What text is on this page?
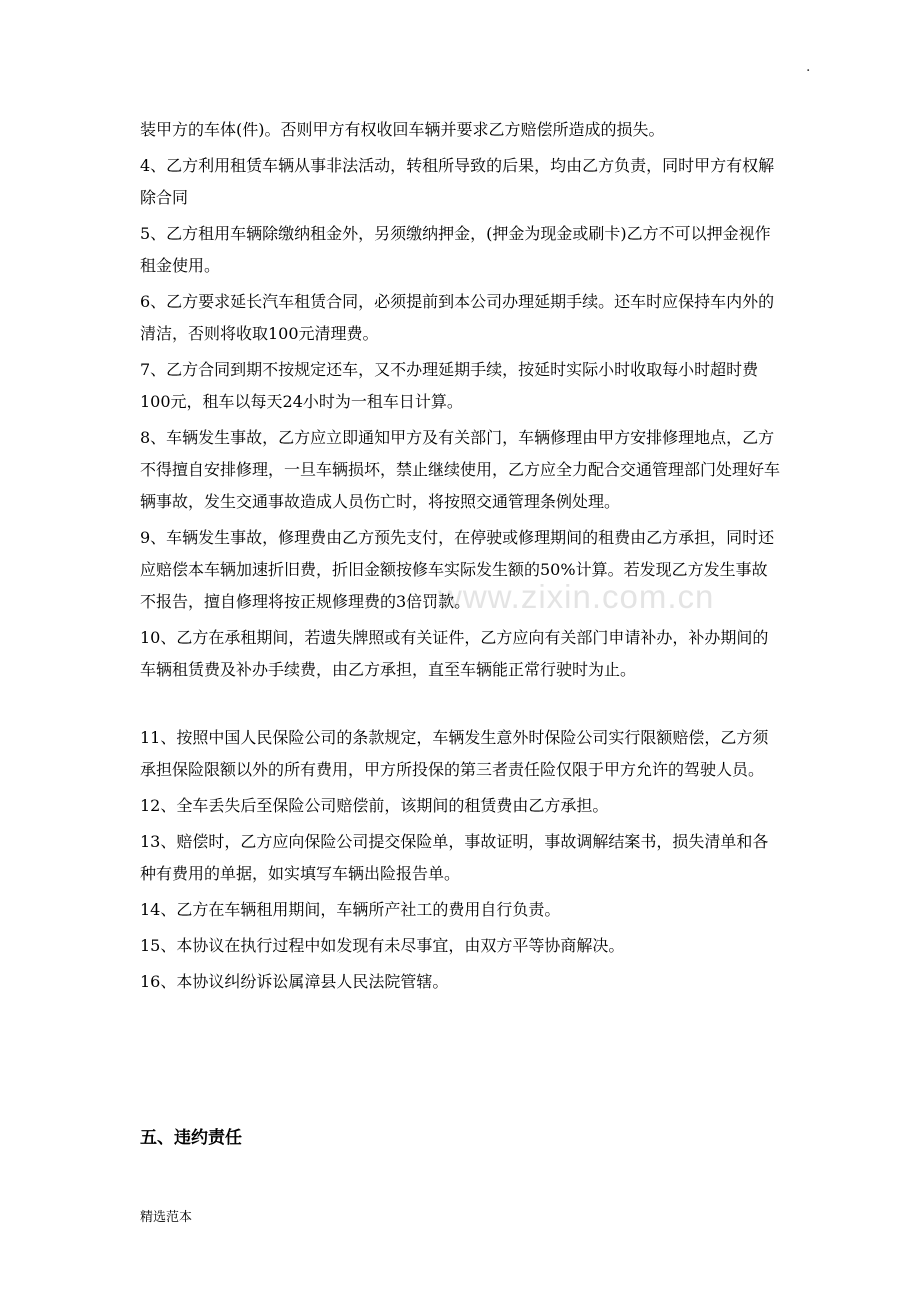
·
www.zixin.com.cn

装甲方的车体(件)。否则甲方有权收回车辆并要求乙方赔偿所造成的损失。

4、乙方利用租赁车辆从事非法活动，转租所导致的后果，均由乙方负责，同时甲方有权解除合同

5、乙方租用车辆除缴纳租金外，另须缴纳押金，(押金为现金或刷卡)乙方不可以押金视作租金使用。

6、乙方要求延长汽车租赁合同，必须提前到本公司办理延期手续。还车时应保持车内外的清洁，否则将收取100元清理费。

7、乙方合同到期不按规定还车，又不办理延期手续，按延时实际小时收取每小时超时费100元，租车以每天24小时为一租车日计算。

8、车辆发生事故，乙方应立即通知甲方及有关部门，车辆修理由甲方安排修理地点，乙方不得擅自安排修理，一旦车辆损坏，禁止继续使用，乙方应全力配合交通管理部门处理好车辆事故，发生交通事故造成人员伤亡时，将按照交通管理条例处理。

9、车辆发生事故，修理费由乙方预先支付，在停驶或修理期间的租费由乙方承担，同时还应赔偿本车辆加速折旧费，折旧金额按修车实际发生额的50%计算。若发现乙方发生事故不报告，擅自修理将按正规修理费的3倍罚款。

10、乙方在承租期间，若遗失牌照或有关证件，乙方应向有关部门申请补办，补办期间的车辆租赁费及补办手续费，由乙方承担，直至车辆能正常行驶时为止。

11、按照中国人民保险公司的条款规定，车辆发生意外时保险公司实行限额赔偿，乙方须承担保险限额以外的所有费用，甲方所投保的第三者责任险仅限于甲方允许的驾驶人员。

12、全车丢失后至保险公司赔偿前，该期间的租赁费由乙方承担。

13、赔偿时，乙方应向保险公司提交保险单，事故证明，事故调解结案书，损失清单和各种有费用的单据，如实填写车辆出险报告单。

14、乙方在车辆租用期间，车辆所产社工的费用自行负责。

15、本协议在执行过程中如发现有未尽事宜，由双方平等协商解决。

16、本协议纠纷诉讼属漳县人民法院管辖。

五、违约责任
精选范本
